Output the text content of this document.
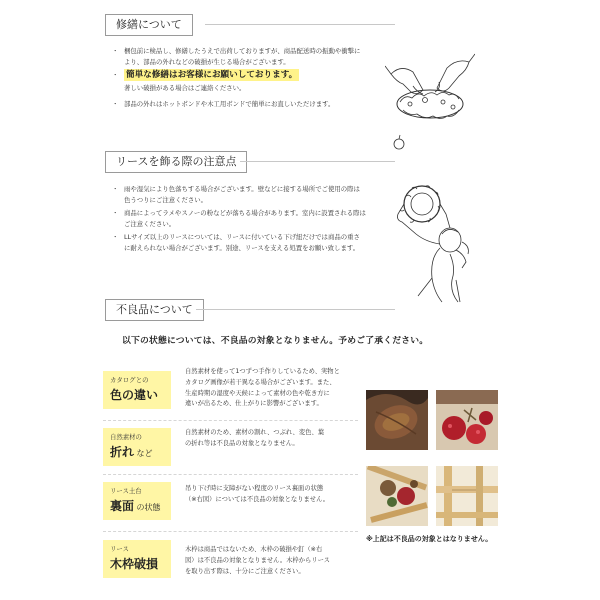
修繕について
・ 梱包前に検品し、修繕したうえで出荷しておりますが、商品配送時の振動や衝撃に
より、部品の外れなどの破損が生じる場合がございます。
・ 簡単な修繕はお客様にお願いしております。
著しい破損がある場合はご連絡ください。
・ 部品の外れはホットボンドや木工用ボンドで簡単にお直しいただけます。
リースを飾る際の注意点
・ 雨や湿気により色落ちする場合がございます。壁などに接する場所でご使用の際は
色うつりにご注意ください。
・ 商品によってラメやスノーの粉などが落ちる場合があります。室内に設置される際は
ご注意ください。
・ LLサイズ以上のリースについては、リースに付いている下げ紐だけでは商品の重さ
に耐えられない場合がございます。別途、リースを支える処置をお願い致します。
不良品について
以下の状態については、不良品の対象となりません。予めご了承ください。
カタログとの
色の違い
自然素材を使って1つずつ手作りしているため、実物と
カタログ画像が若干異なる場合がございます。また、
生産時期の湿度や天候によって素材の色や乾き方に
違いが出るため、仕上がりに影響がございます。
自然素材の
折れ など
自然素材のため、素材の割れ、つぶれ、変色、葉
の折れ等は不良品の対象となりません。
リース土台
裏面 の状態
吊り下げ時に支障がない程度のリース裏面の状態
（※右図）については不良品の対象となりません。
リース
木枠破損
木枠は商品ではないため、木枠の破損や釘（※右
図）は不良品の対象となりません。木枠からリース
を取り出す際は、十分にご注意ください。
※上記は不良品の対象とはなりません。
